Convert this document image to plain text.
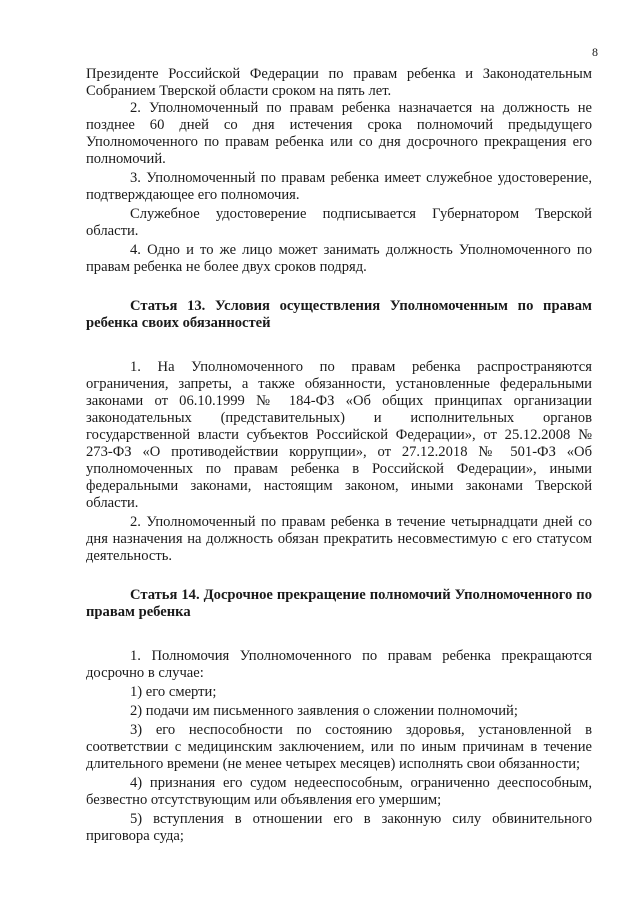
8

Президенте Российской Федерации по правам ребенка и Законодательным Собранием Тверской области сроком на пять лет.

2. Уполномоченный по правам ребенка назначается на должность не позднее 60 дней со дня истечения срока полномочий предыдущего Уполномоченного по правам ребенка или со дня досрочного прекращения его полномочий.

3. Уполномоченный по правам ребенка имеет служебное удостоверение, подтверждающее его полномочия.

Служебное удостоверение подписывается Губернатором Тверской области.

4. Одно и то же лицо может занимать должность Уполномоченного по правам ребенка не более двух сроков подряд.

Статья 13. Условия осуществления Уполномоченным по правам ребенка своих обязанностей

1. На Уполномоченного по правам ребенка распространяются ограничения, запреты, а также обязанности, установленные федеральными законами от 06.10.1999 № 184-ФЗ «Об общих принципах организации законодательных (представительных) и исполнительных органов государственной власти субъектов Российской Федерации», от 25.12.2008 № 273-ФЗ «О противодействии коррупции», от 27.12.2018 № 501-ФЗ «Об уполномоченных по правам ребенка в Российской Федерации», иными федеральными законами, настоящим законом, иными законами Тверской области.

2. Уполномоченный по правам ребенка в течение четырнадцати дней со дня назначения на должность обязан прекратить несовместимую с его статусом деятельность.

Статья 14. Досрочное прекращение полномочий Уполномоченного по правам ребенка

1. Полномочия Уполномоченного по правам ребенка прекращаются досрочно в случае:

1) его смерти;

2) подачи им письменного заявления о сложении полномочий;

3) его неспособности по состоянию здоровья, установленной в соответствии с медицинским заключением, или по иным причинам в течение длительного времени (не менее четырех месяцев) исполнять свои обязанности;

4) признания его судом недееспособным, ограниченно дееспособным, безвестно отсутствующим или объявления его умершим;

5) вступления в отношении его в законную силу обвинительного приговора суда;
